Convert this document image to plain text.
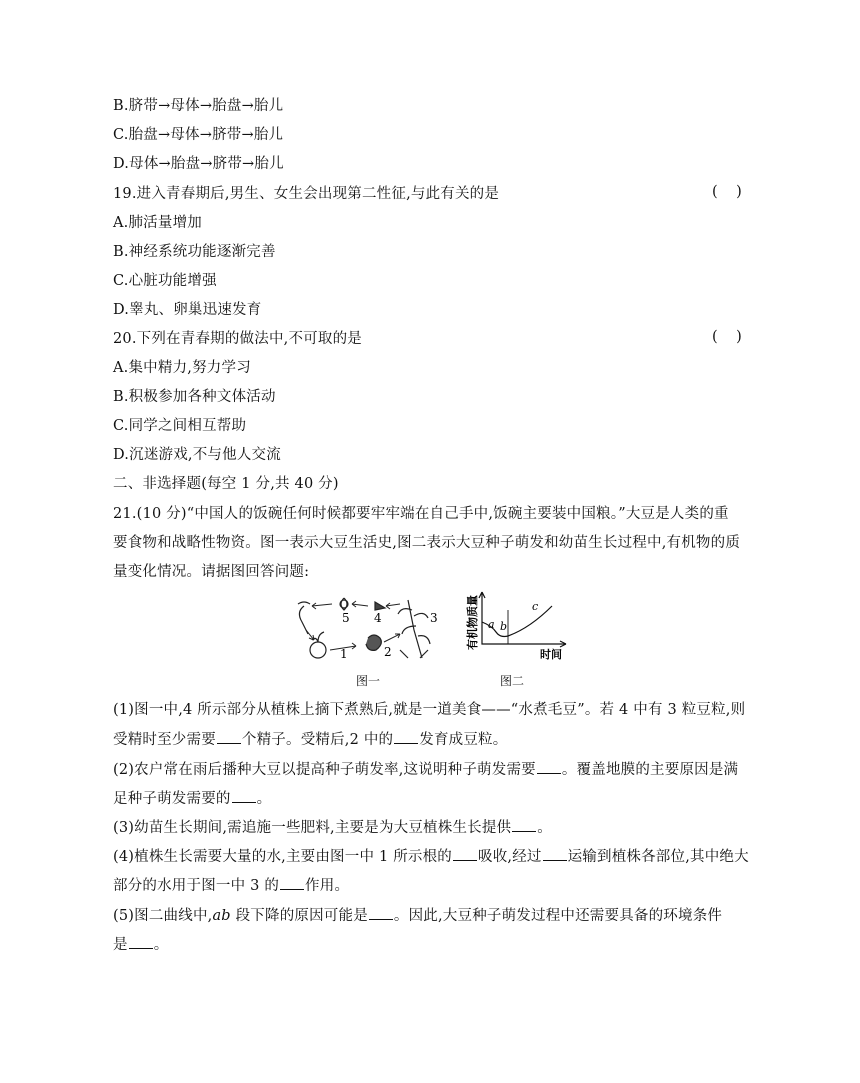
B.脐带→母体→胎盘→胎儿
C.胎盘→母体→脐带→胎儿
D.母体→胎盘→脐带→胎儿
19.进入青春期后,男生、女生会出现第二性征,与此有关的是	(    )
A.肺活量增加
B.神经系统功能逐渐完善
C.心脏功能增强
D.睾丸、卵巢迅速发育
20.下列在青春期的做法中,不可取的是	(    )
A.集中精力,努力学习
B.积极参加各种文体活动
C.同学之间相互帮助
D.沉迷游戏,不与他人交流
二、非选择题(每空 1 分,共 40 分)
21.(10 分)“中国人的饭碗任何时候都要牢牢端在自己手中,饭碗主要装中国粮。”大豆是人类的重
要食物和战略性物资。图一表示大豆生活史,图二表示大豆种子萌发和幼苗生长过程中,有机物的质
量变化情况。请据图回答问题:
5 4	3
2
1
图一
有机物质量
时间
a b
c
图二
(1)图一中,4 所示部分从植株上摘下煮熟后,就是一道美食——“水煮毛豆”。若 4 中有 3 粒豆粒,则
受精时至少需要 个精子。受精后,2 中的 发育成豆粒。
(2)农户常在雨后播种大豆以提高种子萌发率,这说明种子萌发需要 。覆盖地膜的主要原因是满
足种子萌发需要的 。
(3)幼苗生长期间,需追施一些肥料,主要是为大豆植株生长提供 。
(4)植株生长需要大量的水,主要由图一中 1 所示根的 吸收,经过 运输到植株各部位,其中绝大
部分的水用于图一中 3 的 作用。
(5)图二曲线中,ab 段下降的原因可能是 。因此,大豆种子萌发过程中还需要具备的环境条件
是 。
